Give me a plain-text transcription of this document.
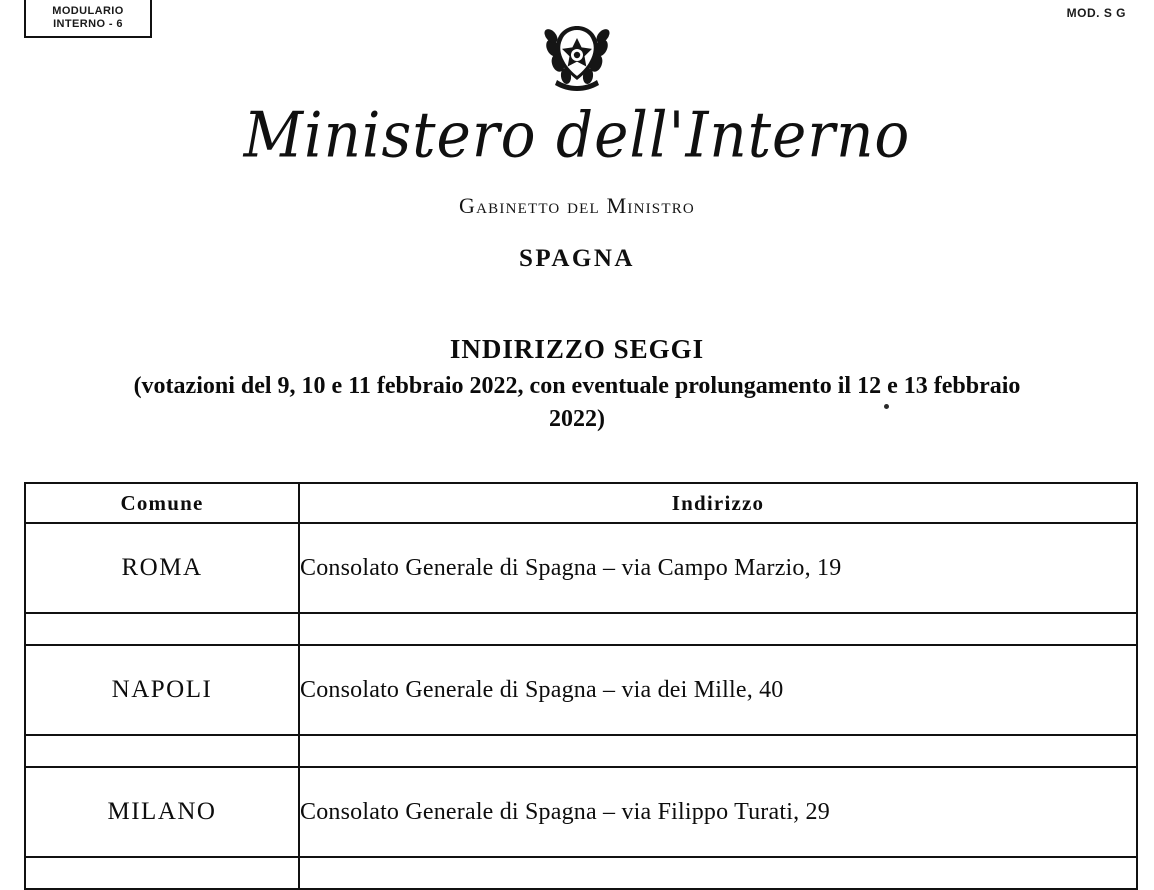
MODULARIO
INTERNO - 6
MOD. S G
Ministero dell'Interno
Gabinetto del Ministro
SPAGNA
INDIRIZZO SEGGI
(votazioni del 9, 10 e 11 febbraio 2022, con eventuale prolungamento il 12 e 13 febbraio 2022)
Comune	Indirizzo
ROMA	Consolato Generale di Spagna – via Campo Marzio, 19

NAPOLI	Consolato Generale di Spagna – via dei Mille, 40

MILANO	Consolato Generale di Spagna – via Filippo Turati, 29
